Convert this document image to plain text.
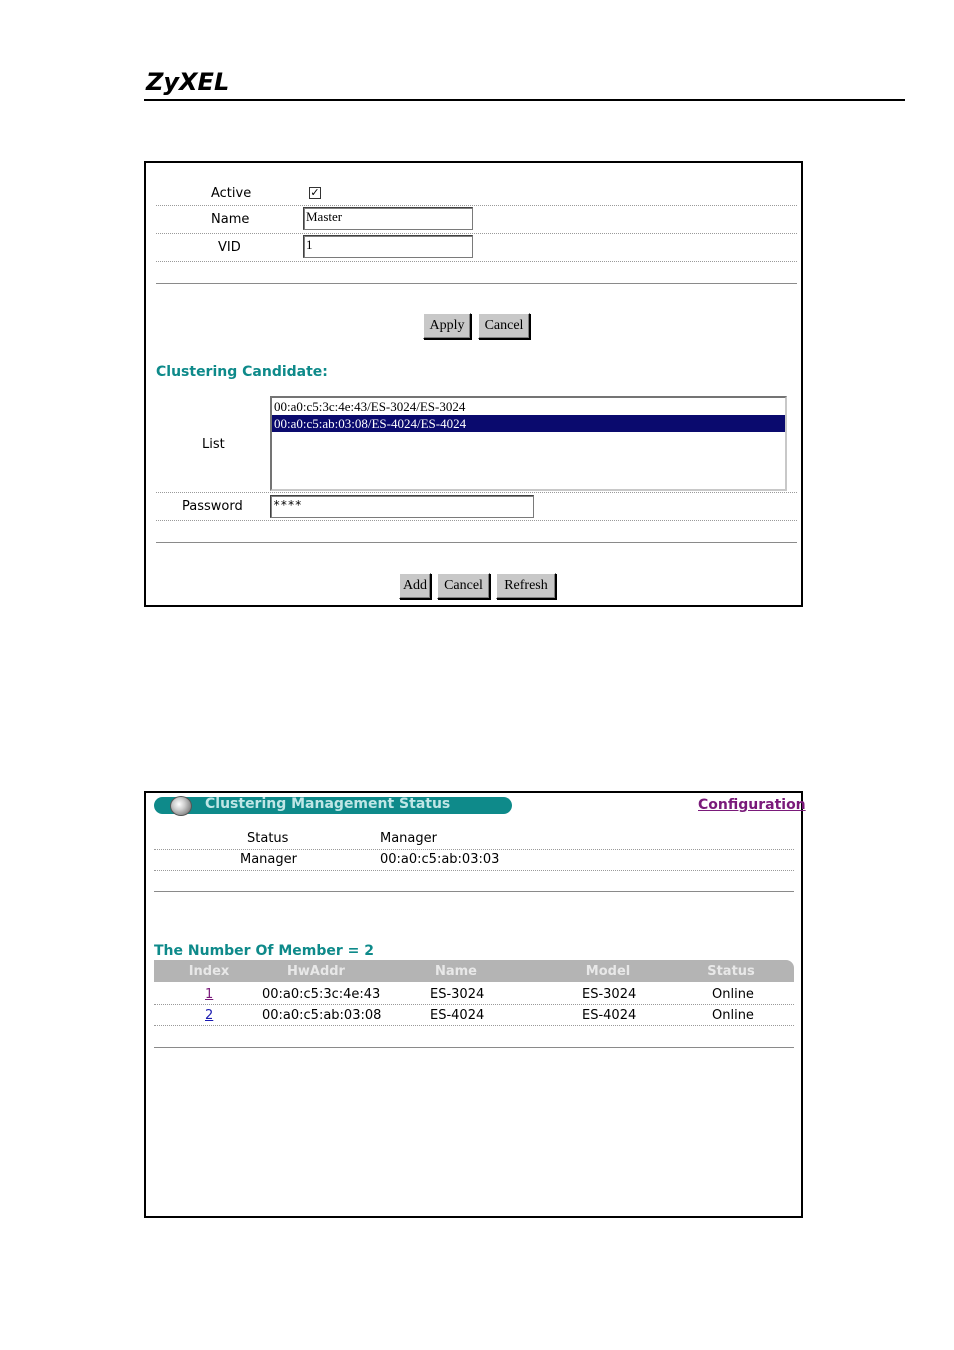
ZyXEL
Active	✓
Name	Master
VID	1
Apply	Cancel
Clustering Candidate:
List
00:a0:c5:3c:4e:43/ES-3024/ES-3024
00:a0:c5:ab:03:08/ES-4024/ES-4024
Password	****
Add	Cancel	Refresh
Clustering Management Status	Configuration
Status	Manager
Manager	00:a0:c5:ab:03:03
The Number Of Member = 2
Index	HwAddr	Name	Model	Status
1	00:a0:c5:3c:4e:43	ES-3024	ES-3024	Online
2	00:a0:c5:ab:03:08	ES-4024	ES-4024	Online
